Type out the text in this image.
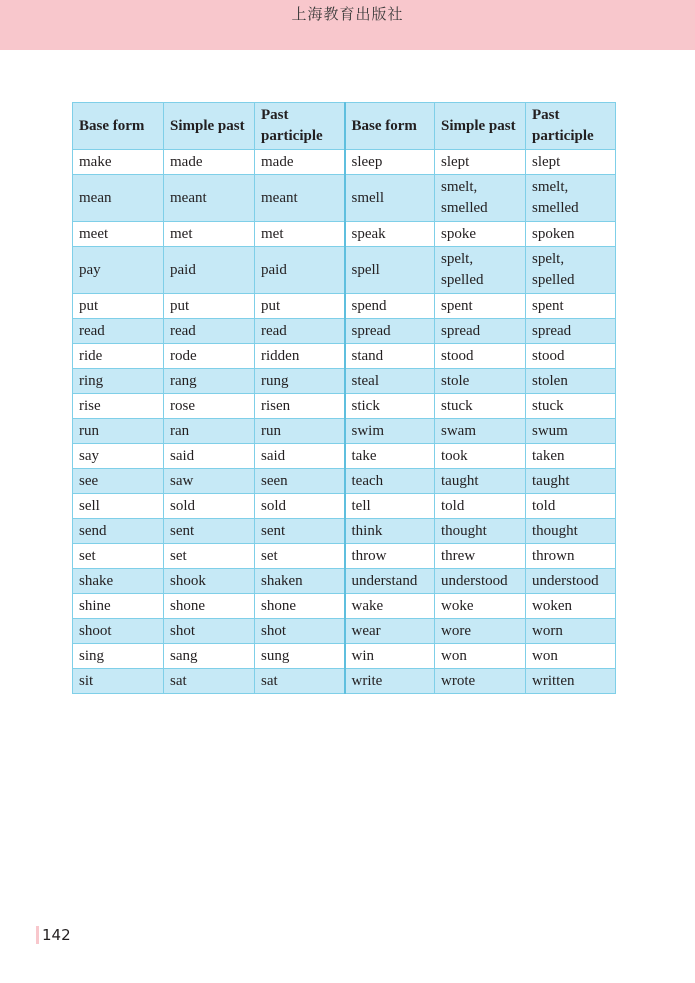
上海教育出版社
Base form	Simple past	Past participle	Base form	Simple past	Past participle
make	made	made	sleep	slept	slept
mean	meant	meant	smell	smelt, smelled	smelt, smelled
meet	met	met	speak	spoke	spoken
pay	paid	paid	spell	spelt, spelled	spelt, spelled
put	put	put	spend	spent	spent
read	read	read	spread	spread	spread
ride	rode	ridden	stand	stood	stood
ring	rang	rung	steal	stole	stolen
rise	rose	risen	stick	stuck	stuck
run	ran	run	swim	swam	swum
say	said	said	take	took	taken
see	saw	seen	teach	taught	taught
sell	sold	sold	tell	told	told
send	sent	sent	think	thought	thought
set	set	set	throw	threw	thrown
shake	shook	shaken	understand	understood	understood
shine	shone	shone	wake	woke	woken
shoot	shot	shot	wear	wore	worn
sing	sang	sung	win	won	won
sit	sat	sat	write	wrote	written
142
